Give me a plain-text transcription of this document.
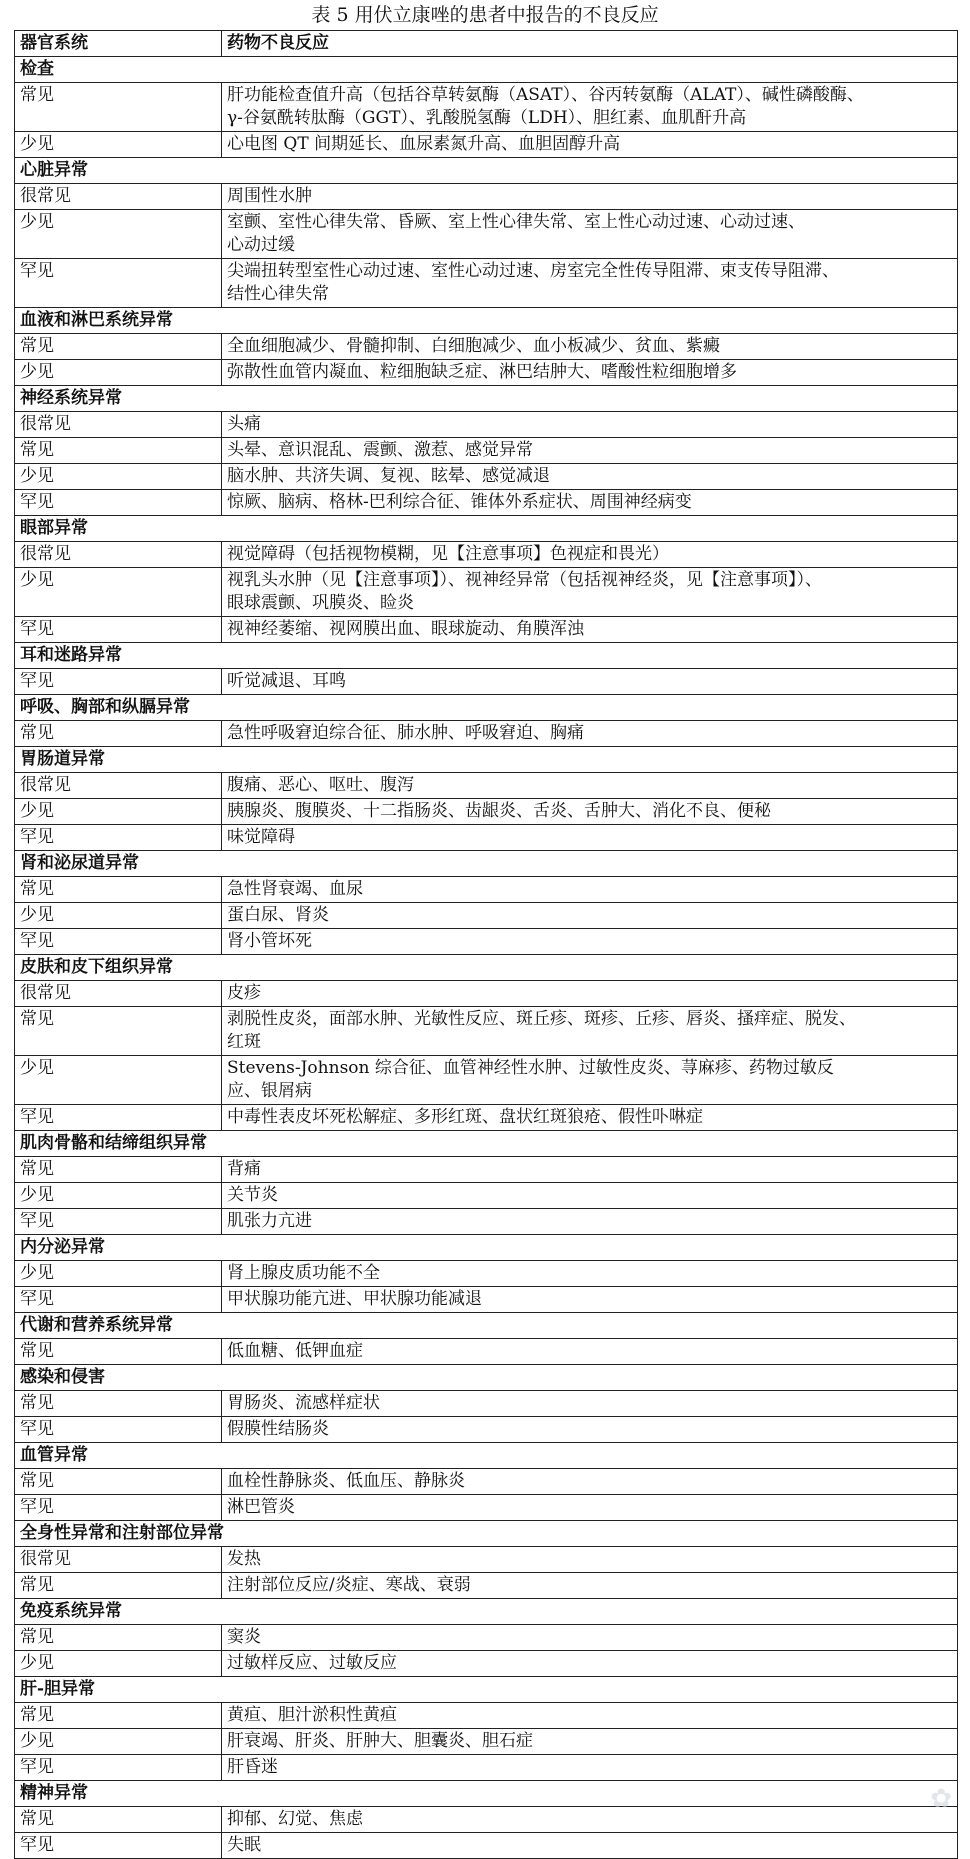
表 5 用伏立康唑的患者中报告的不良反应
器官系统	药物不良反应
检查	
常见	肝功能检查值升高（包括谷草转氨酶（ASAT）、谷丙转氨酶（ALAT）、碱性磷酸酶、
γ-谷氨酰转肽酶（GGT）、乳酸脱氢酶（LDH）、胆红素、血肌酐升高

少见	心电图 QT 间期延长、血尿素氮升高、血胆固醇升高

心脏异常	
很常见	周围性水肿

少见	室颤、室性心律失常、昏厥、室上性心律失常、室上性心动过速、心动过速、
心动过缓

罕见	尖端扭转型室性心动过速、室性心动过速、房室完全性传导阻滞、束支传导阻滞、
结性心律失常

血液和淋巴系统异常	
常见	全血细胞减少、骨髓抑制、白细胞减少、血小板减少、贫血、紫癜

少见	弥散性血管内凝血、粒细胞缺乏症、淋巴结肿大、嗜酸性粒细胞增多

神经系统异常	
很常见	头痛

常见	头晕、意识混乱、震颤、激惹、感觉异常

少见	脑水肿、共济失调、复视、眩晕、感觉减退

罕见	惊厥、脑病、格林-巴利综合征、锥体外系症状、周围神经病变

眼部异常	
很常见	视觉障碍（包括视物模糊，见【注意事项】色视症和畏光）

少见	视乳头水肿（见【注意事项】）、视神经异常（包括视神经炎，见【注意事项】）、
眼球震颤、巩膜炎、睑炎

罕见	视神经萎缩、视网膜出血、眼球旋动、角膜浑浊

耳和迷路异常	
罕见	听觉减退、耳鸣

呼吸、胸部和纵膈异常	
常见	急性呼吸窘迫综合征、肺水肿、呼吸窘迫、胸痛

胃肠道异常	
很常见	腹痛、恶心、呕吐、腹泻

少见	胰腺炎、腹膜炎、十二指肠炎、齿龈炎、舌炎、舌肿大、消化不良、便秘

罕见	味觉障碍

肾和泌尿道异常	
常见	急性肾衰竭、血尿

少见	蛋白尿、肾炎

罕见	肾小管坏死

皮肤和皮下组织异常	
很常见	皮疹

常见	剥脱性皮炎，面部水肿、光敏性反应、斑丘疹、斑疹、丘疹、唇炎、搔痒症、脱发、
红斑

少见	Stevens-Johnson 综合征、血管神经性水肿、过敏性皮炎、荨麻疹、药物过敏反
应、银屑病

罕见	中毒性表皮坏死松解症、多形红斑、盘状红斑狼疮、假性卟啉症

肌肉骨骼和结缔组织异常	
常见	背痛

少见	关节炎

罕见	肌张力亢进

内分泌异常	
少见	肾上腺皮质功能不全

罕见	甲状腺功能亢进、甲状腺功能减退

代谢和营养系统异常	
常见	低血糖、低钾血症

感染和侵害	
常见	胃肠炎、流感样症状

罕见	假膜性结肠炎

血管异常	
常见	血栓性静脉炎、低血压、静脉炎

罕见	淋巴管炎

全身性异常和注射部位异常	
很常见	发热

常见	注射部位反应/炎症、寒战、衰弱

免疫系统异常	
常见	窦炎

少见	过敏样反应、过敏反应

肝-胆异常	
常见	黄疸、胆汁淤积性黄疸

少见	肝衰竭、肝炎、肝肿大、胆囊炎、胆石症

罕见	肝昏迷

精神异常	
常见	抑郁、幻觉、焦虑

罕见	失眠
✿
